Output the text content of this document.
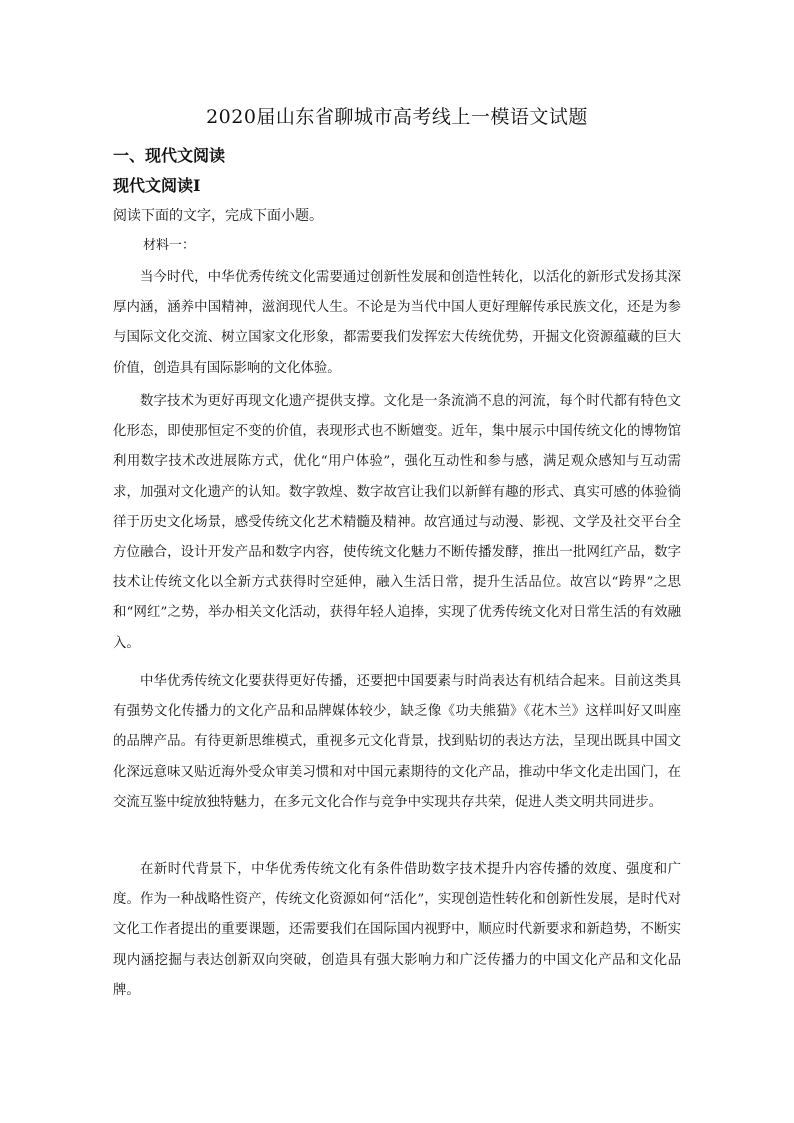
2020届山东省聊城市高考线上一模语文试题
一、现代文阅读
现代文阅读Ⅰ
阅读下面的文字，完成下面小题。
材料一：

当今时代，中华优秀传统文化需要通过创新性发展和创造性转化，以活化的新形式发扬其深厚内涵，涵养中国精神，滋润现代人生。不论是为当代中国人更好理解传承民族文化，还是为参与国际文化交流、树立国家文化形象，都需要我们发挥宏大传统优势，开掘文化资源蕴藏的巨大价值，创造具有国际影响的文化体验。

数字技术为更好再现文化遗产提供支撑。文化是一条流淌不息的河流，每个时代都有特色文化形态，即使那恒定不变的价值，表现形式也不断嬗变。近年，集中展示中国传统文化的博物馆利用数字技术改进展陈方式，优化“用户体验”，强化互动性和参与感，满足观众感知与互动需求，加强对文化遗产的认知。数字敦煌、数字故宫让我们以新鲜有趣的形式、真实可感的体验徜徉于历史文化场景，感受传统文化艺术精髓及精神。故宫通过与动漫、影视、文学及社交平台全方位融合，设计开发产品和数字内容，使传统文化魅力不断传播发酵，推出一批网红产品，数字技术让传统文化以全新方式获得时空延伸，融入生活日常，提升生活品位。故宫以“跨界”之思和“网红”之势，举办相关文化活动，获得年轻人追捧，实现了优秀传统文化对日常生活的有效融入。

中华优秀传统文化要获得更好传播，还要把中国要素与时尚表达有机结合起来。目前这类具有强势文化传播力的文化产品和品牌媒体较少，缺乏像《功夫熊猫》《花木兰》这样叫好又叫座的品牌产品。有待更新思维模式，重视多元文化背景，找到贴切的表达方法，呈现出既具中国文化深远意味又贴近海外受众审美习惯和对中国元素期待的文化产品，推动中华文化走出国门，在交流互鉴中绽放独特魅力，在多元文化合作与竞争中实现共存共荣，促进人类文明共同进步。

在新时代背景下，中华优秀传统文化有条件借助数字技术提升内容传播的效度、强度和广度。作为一种战略性资产，传统文化资源如何“活化”，实现创造性转化和创新性发展，是时代对文化工作者提出的重要课题，还需要我们在国际国内视野中，顺应时代新要求和新趋势，不断实现内涵挖掘与表达创新双向突破，创造具有强大影响力和广泛传播力的中国文化产品和文化品牌。
